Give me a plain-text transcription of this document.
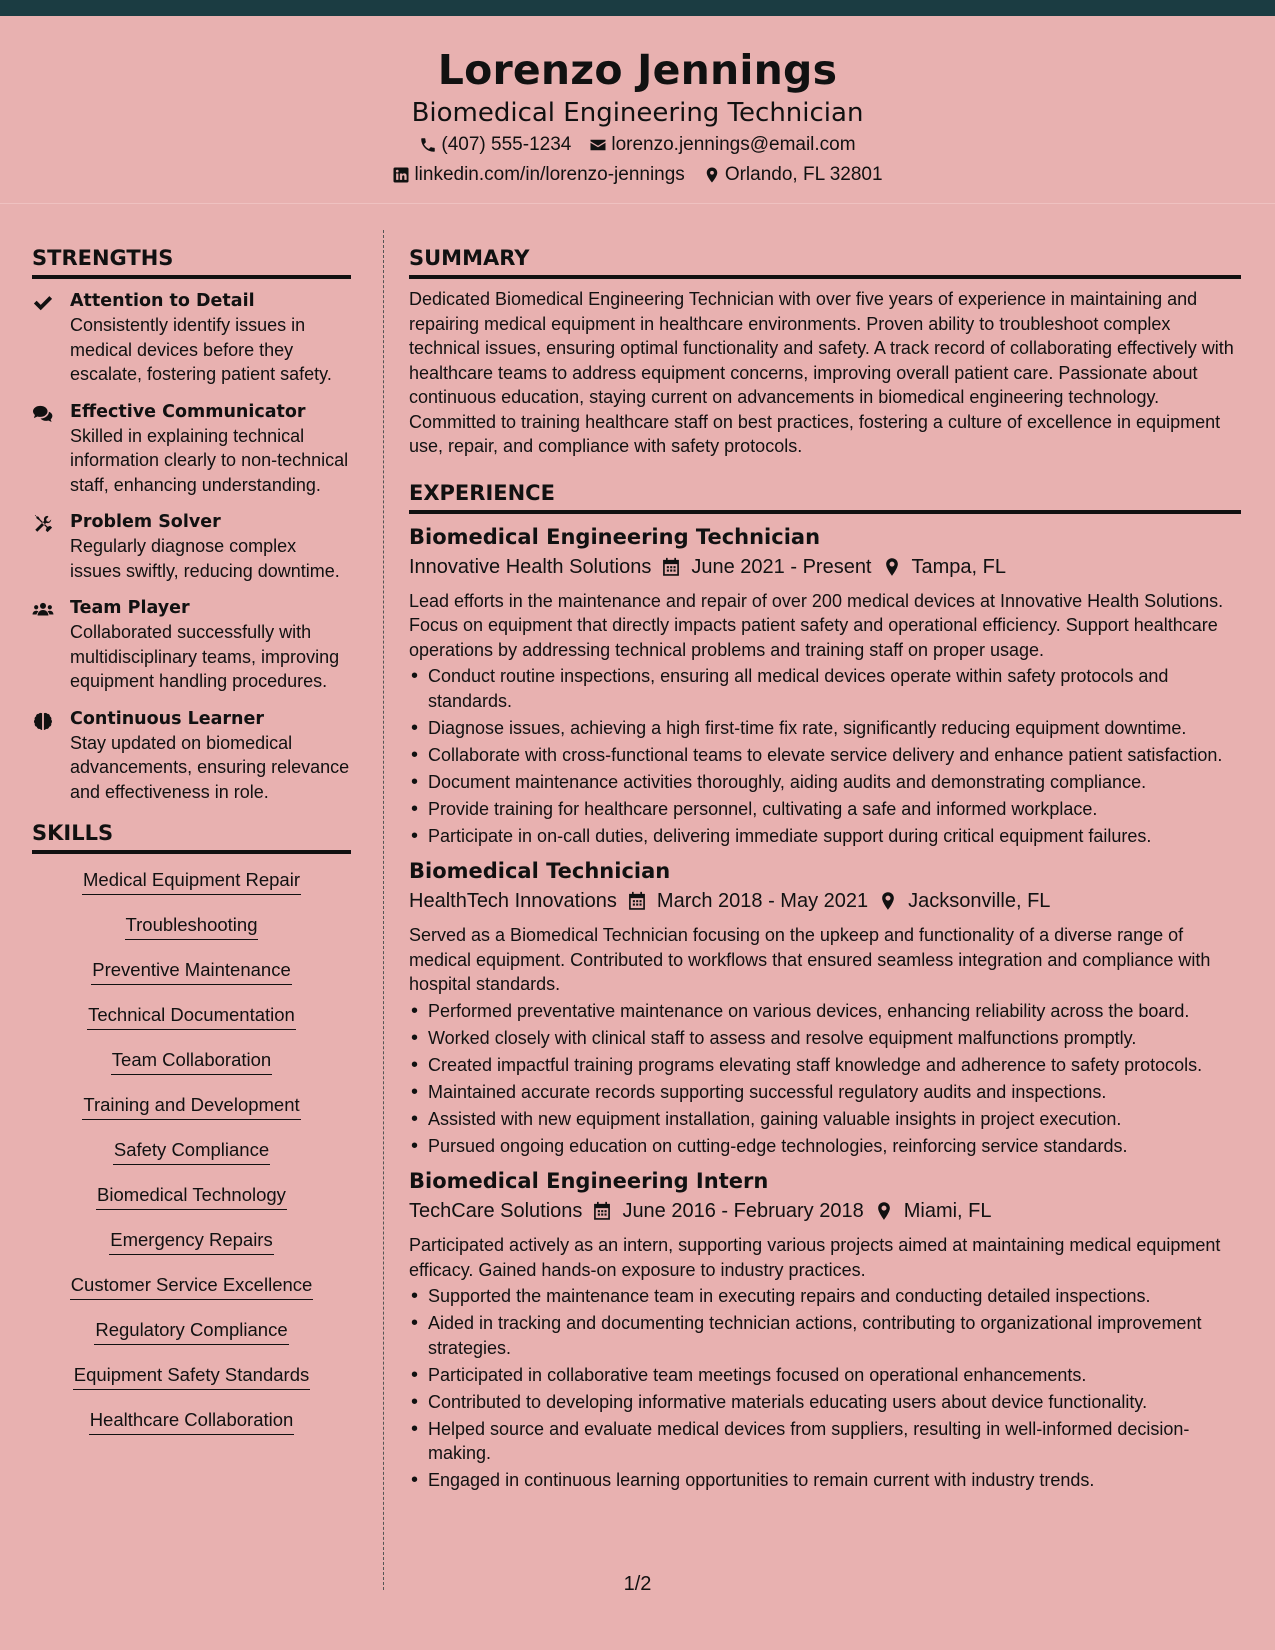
Lorenzo Jennings
Biomedical Engineering Technician
(407) 555-1234 lorenzo.jennings@email.com
linkedin.com/in/lorenzo-jennings Orlando, FL 32801
STRENGTHS
Attention to Detail
Consistently identify issues in medical devices before they escalate, fostering patient safety.
Effective Communicator
Skilled in explaining technical information clearly to non-technical staff, enhancing understanding.
Problem Solver
Regularly diagnose complex issues swiftly, reducing downtime.
Team Player
Collaborated successfully with multidisciplinary teams, improving equipment handling procedures.
Continuous Learner
Stay updated on biomedical advancements, ensuring relevance and effectiveness in role.
SKILLS
Medical Equipment Repair
Troubleshooting
Preventive Maintenance
Technical Documentation
Team Collaboration
Training and Development
Safety Compliance
Biomedical Technology
Emergency Repairs
Customer Service Excellence
Regulatory Compliance
Equipment Safety Standards
Healthcare Collaboration
SUMMARY
Dedicated Biomedical Engineering Technician with over five years of experience in maintaining and repairing medical equipment in healthcare environments. Proven ability to troubleshoot complex technical issues, ensuring optimal functionality and safety. A track record of collaborating effectively with healthcare teams to address equipment concerns, improving overall patient care. Passionate about continuous education, staying current on advancements in biomedical engineering technology. Committed to training healthcare staff on best practices, fostering a culture of excellence in equipment use, repair, and compliance with safety protocols.
EXPERIENCE
Biomedical Engineering Technician
Innovative Health Solutions June 2021 - Present Tampa, FL
Lead efforts in the maintenance and repair of over 200 medical devices at Innovative Health Solutions. Focus on equipment that directly impacts patient safety and operational efficiency. Support healthcare operations by addressing technical problems and training staff on proper usage.
• Conduct routine inspections, ensuring all medical devices operate within safety protocols and standards.
• Diagnose issues, achieving a high first-time fix rate, significantly reducing equipment downtime.
• Collaborate with cross-functional teams to elevate service delivery and enhance patient satisfaction.
• Document maintenance activities thoroughly, aiding audits and demonstrating compliance.
• Provide training for healthcare personnel, cultivating a safe and informed workplace.
• Participate in on-call duties, delivering immediate support during critical equipment failures.
Biomedical Technician
HealthTech Innovations March 2018 - May 2021 Jacksonville, FL
Served as a Biomedical Technician focusing on the upkeep and functionality of a diverse range of medical equipment. Contributed to workflows that ensured seamless integration and compliance with hospital standards.
• Performed preventative maintenance on various devices, enhancing reliability across the board.
• Worked closely with clinical staff to assess and resolve equipment malfunctions promptly.
• Created impactful training programs elevating staff knowledge and adherence to safety protocols.
• Maintained accurate records supporting successful regulatory audits and inspections.
• Assisted with new equipment installation, gaining valuable insights in project execution.
• Pursued ongoing education on cutting-edge technologies, reinforcing service standards.
Biomedical Engineering Intern
TechCare Solutions June 2016 - February 2018 Miami, FL
Participated actively as an intern, supporting various projects aimed at maintaining medical equipment efficacy. Gained hands-on exposure to industry practices.
• Supported the maintenance team in executing repairs and conducting detailed inspections.
• Aided in tracking and documenting technician actions, contributing to organizational improvement strategies.
• Participated in collaborative team meetings focused on operational enhancements.
• Contributed to developing informative materials educating users about device functionality.
• Helped source and evaluate medical devices from suppliers, resulting in well-informed decision-making.
• Engaged in continuous learning opportunities to remain current with industry trends.
1/2
